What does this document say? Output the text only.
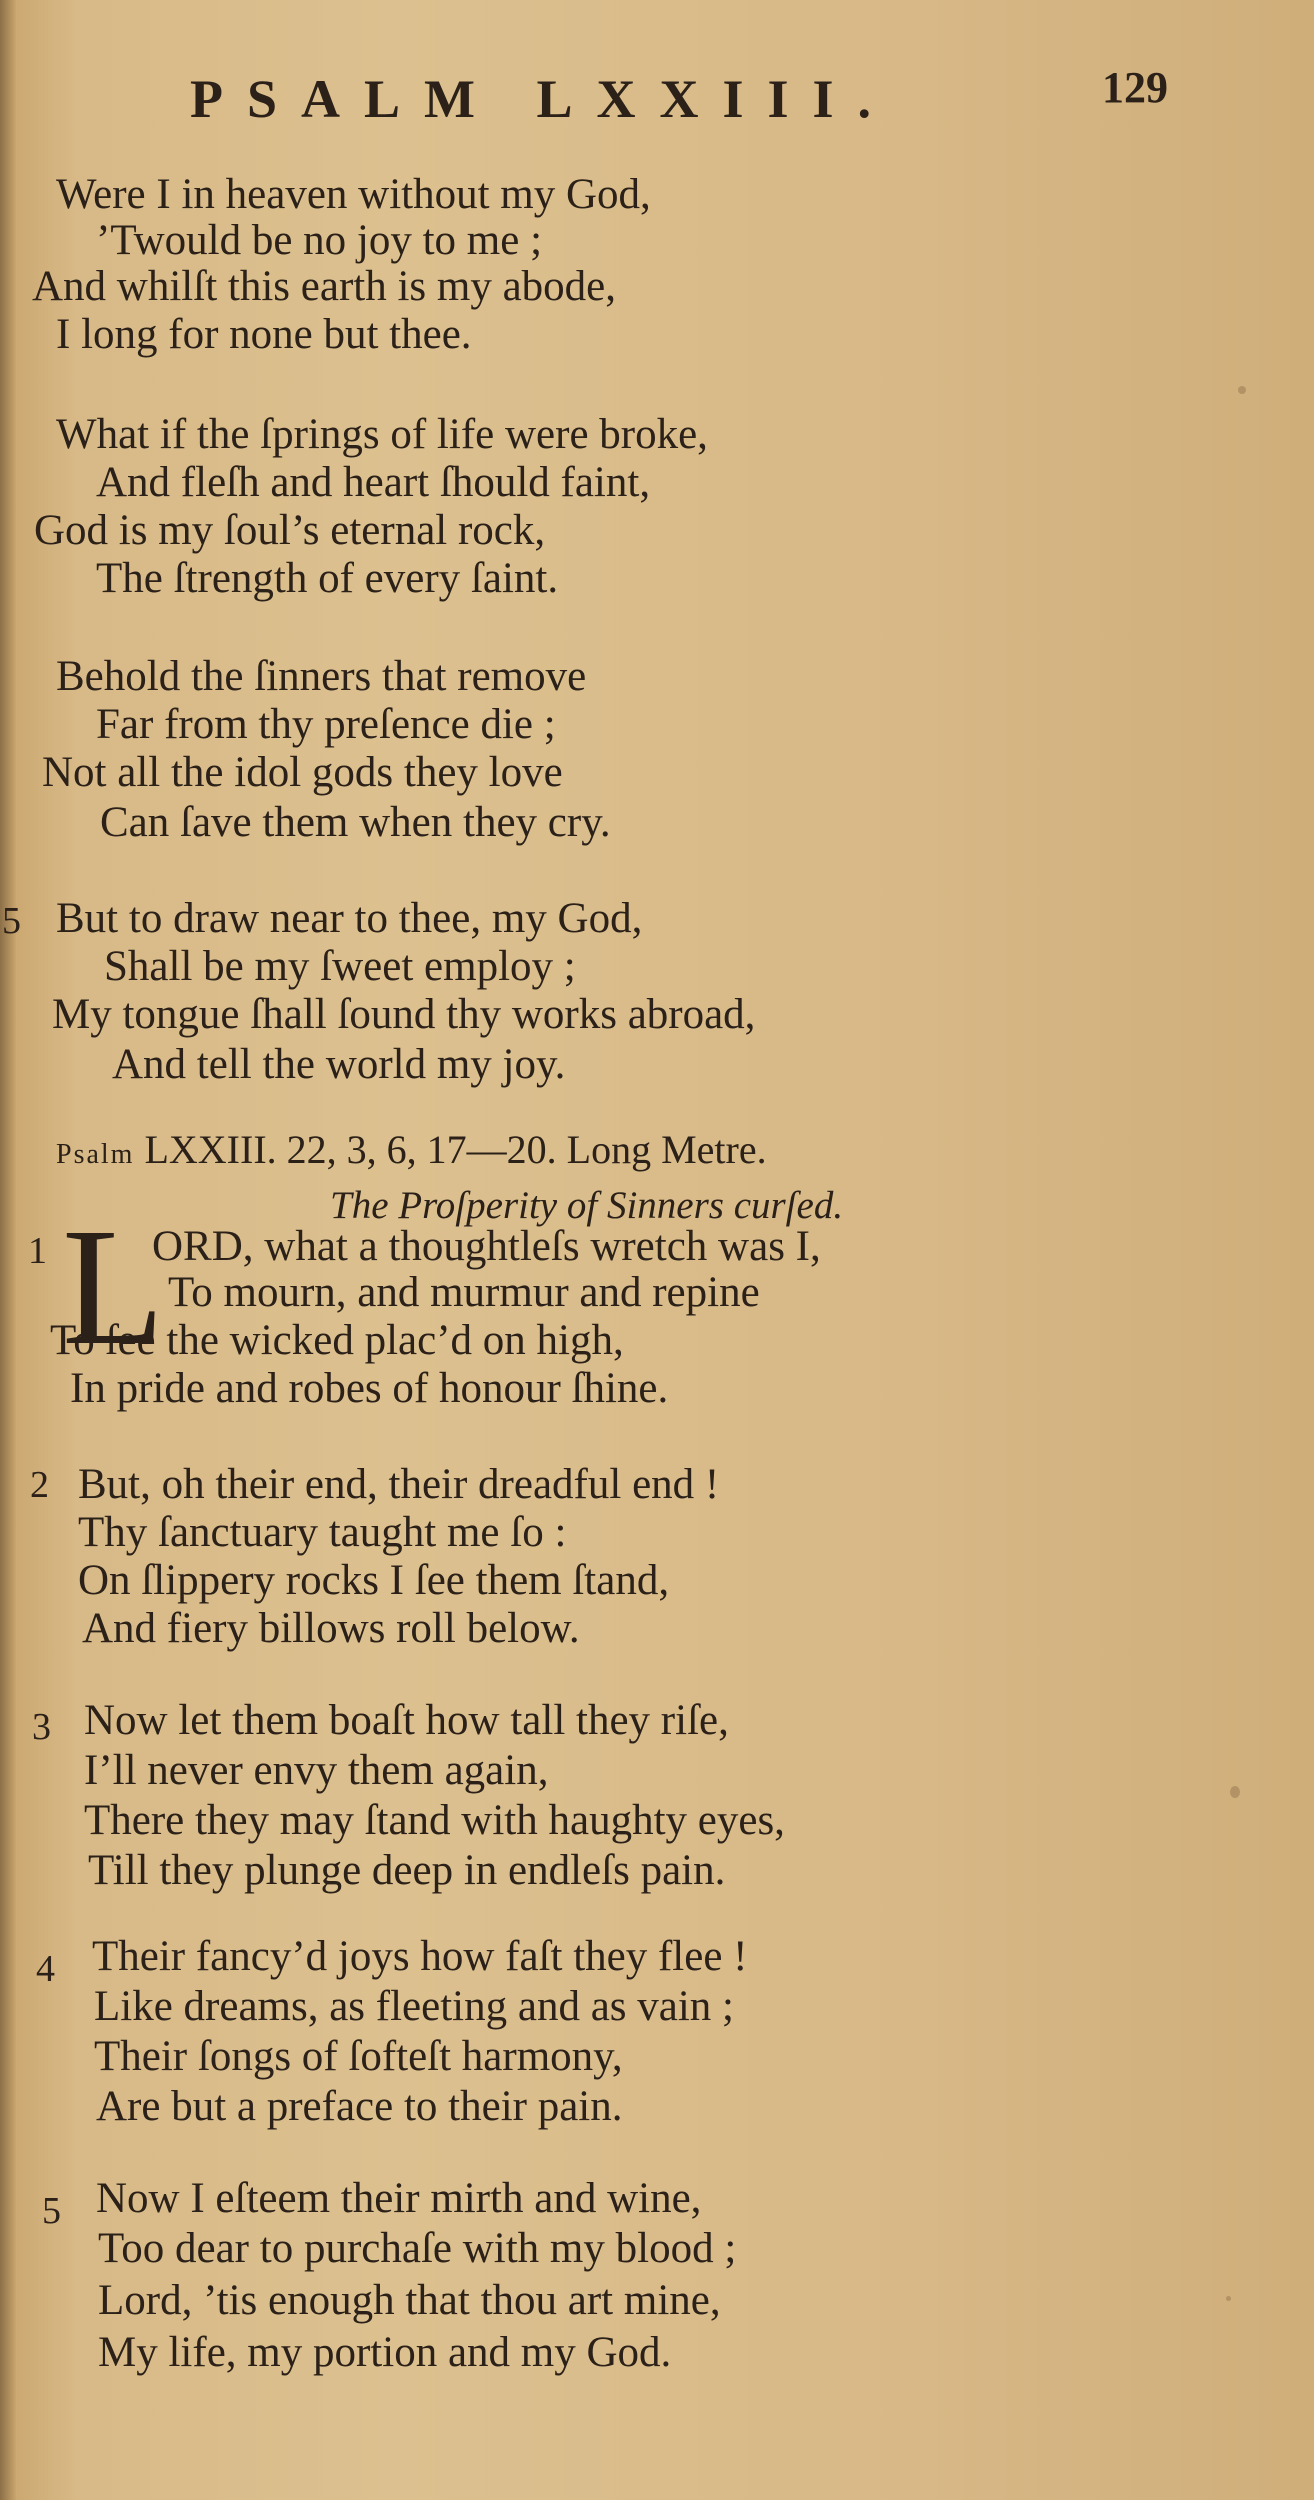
PSALM LXXIII.	129
Were I in heaven without my God,
’Twould be no joy to me ;
And whilſt this earth is my abode,
I long for none but thee.
What if the ſprings of life were broke,
And fleſh and heart ſhould faint,
God is my ſoul’s eternal rock,
The ſtrength of every ſaint.
Behold the ſinners that remove
Far from thy preſence die ;
Not all the idol gods they love
Can ſave them when they cry.
5 But to draw near to thee, my God,
Shall be my ſweet employ ;
My tongue ſhall ſound thy works abroad,
And tell the world my joy.
Psalm LXXIII. 22, 3, 6, 17—20. Long Metre.
The Proſperity of Sinners curſed.
1 L
ORD, what a thoughtleſs wretch was I,
To mourn, and murmur and repine
To ſee the wicked plac’d on high,
In pride and robes of honour ſhine.
2 But, oh their end, their dreadful end !
Thy ſanctuary taught me ſo :
On ſlippery rocks I ſee them ſtand,
And fiery billows roll below.
3 Now let them boaſt how tall they riſe,
I’ll never envy them again,
There they may ſtand with haughty eyes,
Till they plunge deep in endleſs pain.
4 Their fancy’d joys how faſt they flee !
Like dreams, as fleeting and as vain ;
Their ſongs of ſofteſt harmony,
Are but a preface to their pain.
5 Now I eſteem their mirth and wine,
Too dear to purchaſe with my blood ;
Lord, ’tis enough that thou art mine,
My life, my portion and my God.
